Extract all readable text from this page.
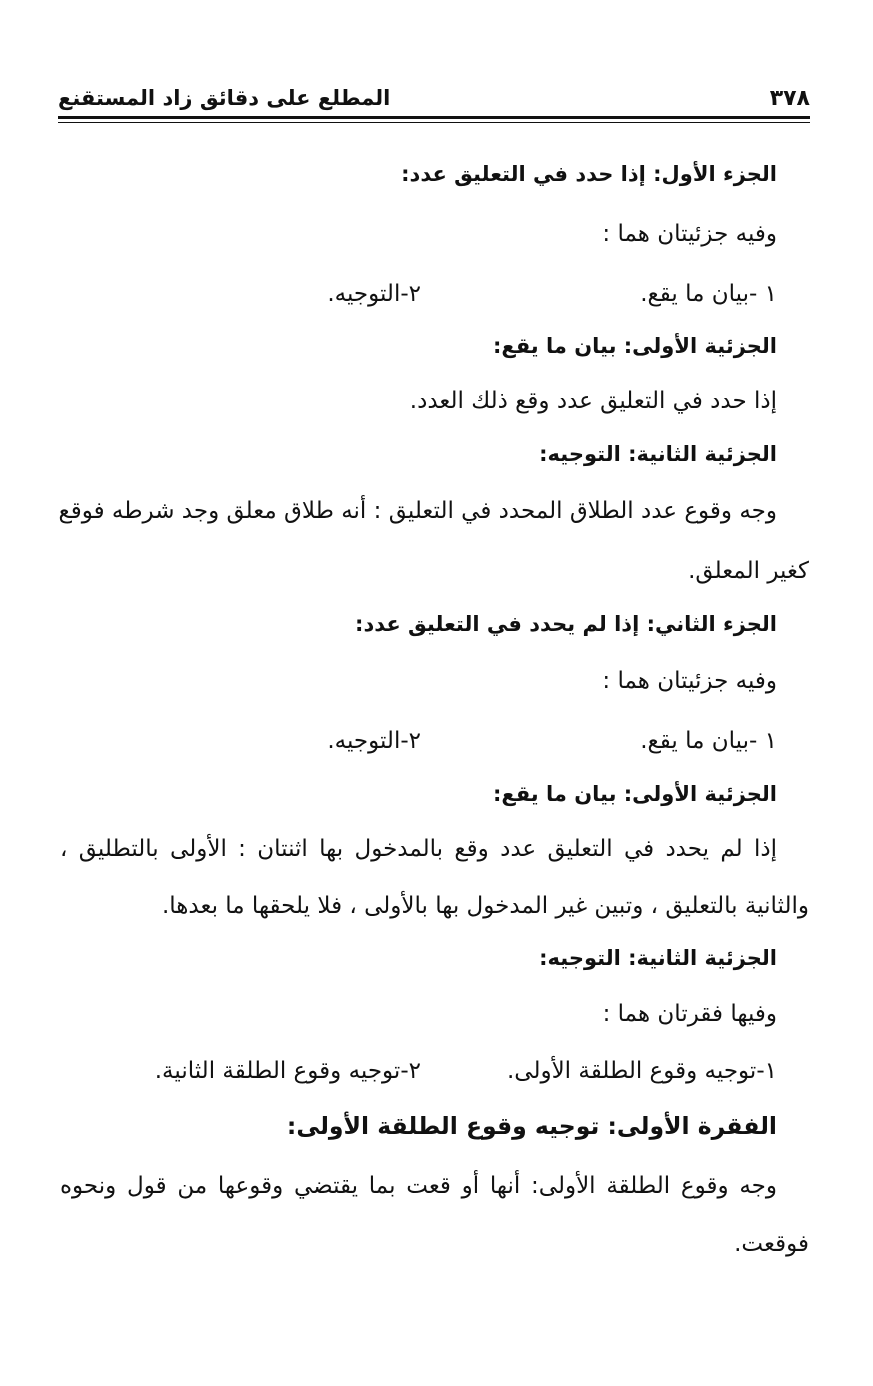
٣٧٨
المطلع على دقائق زاد المستقنع
الجزء الأول: إذا حدد في التعليق عدد:
وفيه جزئيتان هما :
١ -بيان ما يقع.
٢-التوجيه.
الجزئية الأولى: بيان ما يقع:
إذا حدد في التعليق عدد وقع ذلك العدد.
الجزئية الثانية: التوجيه:
وجه وقوع عدد الطلاق المحدد في التعليق : أنه طلاق معلق وجد شرطه فوقع
كغير المعلق.
الجزء الثاني: إذا لم يحدد في التعليق عدد:
وفيه جزئيتان هما :
١ -بيان ما يقع.
٢-التوجيه.
الجزئية الأولى: بيان ما يقع:
إذا لم يحدد في التعليق عدد وقع بالمدخول بها اثنتان : الأولى بالتطليق ،
والثانية بالتعليق ، وتبين غير المدخول بها بالأولى ، فلا يلحقها ما بعدها.
الجزئية الثانية: التوجيه:
وفيها فقرتان هما :
١-توجيه وقوع الطلقة الأولى.
٢-توجيه وقوع الطلقة الثانية.
الفقرة الأولى: توجيه وقوع الطلقة الأولى:
وجه وقوع الطلقة الأولى: أنها أو قعت بما يقتضي وقوعها من قول ونحوه
فوقعت.
